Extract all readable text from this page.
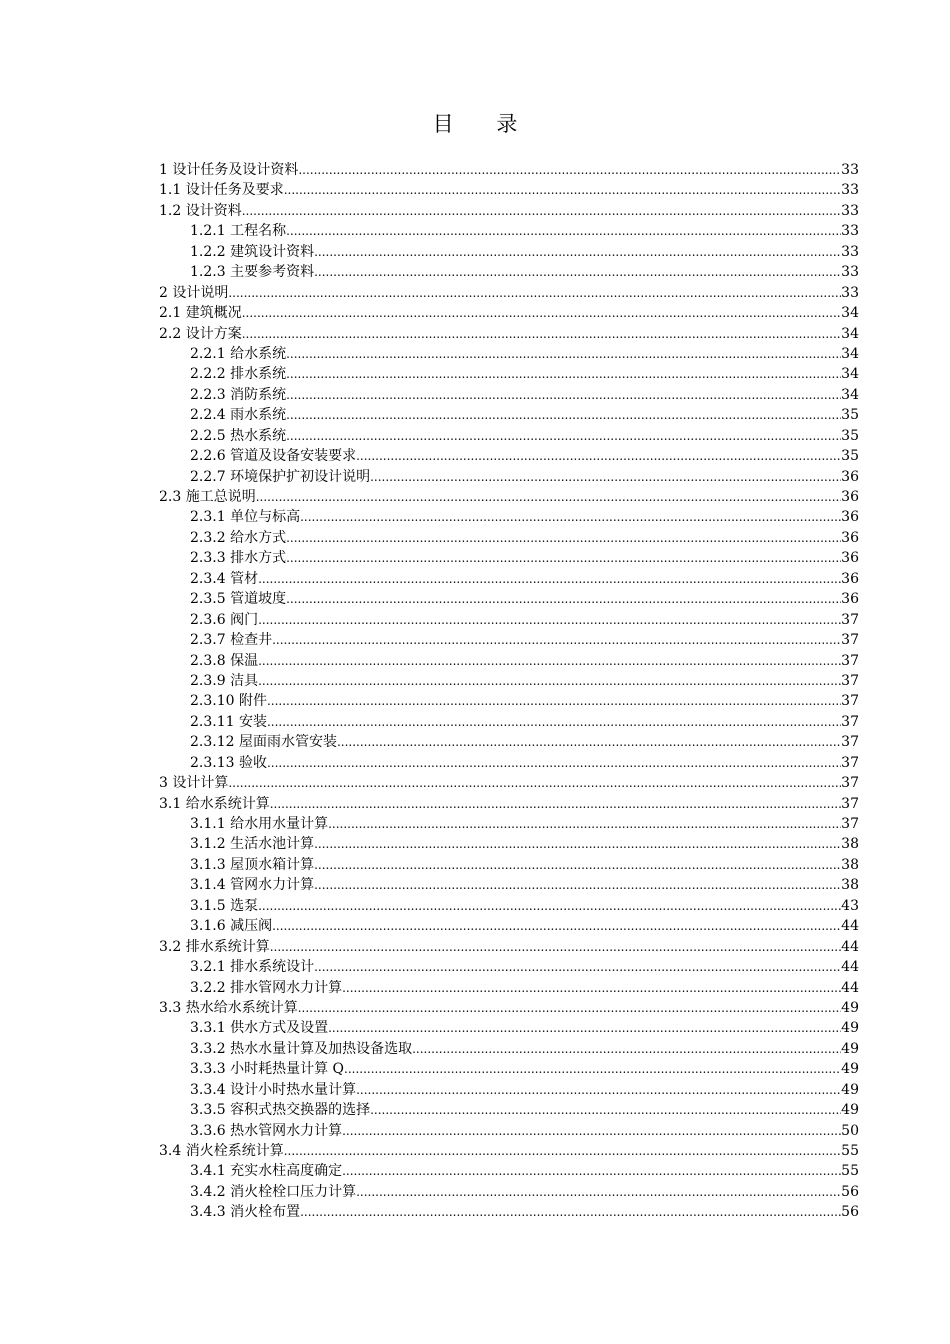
目 录
1 设计任务及设计资料 .....	33
1.1 设计任务及要求 .....	33
1.2 设计资料 .....	33
1.2.1 工程名称 .....	33
1.2.2 建筑设计资料 .....	33
1.2.3 主要参考资料 .....	33
2 设计说明 .....	33
2.1 建筑概况 .....	34
2.2 设计方案 .....	34
2.2.1 给水系统 .....	34
2.2.2 排水系统 .....	34
2.2.3 消防系统 .....	34
2.2.4 雨水系统 .....	35
2.2.5 热水系统 .....	35
2.2.6 管道及设备安装要求 .....	35
2.2.7 环境保护扩初设计说明 .....	36
2.3 施工总说明 .....	36
2.3.1 单位与标高 .....	36
2.3.2 给水方式 .....	36
2.3.3 排水方式 .....	36
2.3.4 管材 .....	36
2.3.5 管道坡度 .....	36
2.3.6 阀门 .....	37
2.3.7 检查井 .....	37
2.3.8 保温 .....	37
2.3.9 洁具 .....	37
2.3.10 附件 .....	37
2.3.11 安装 .....	37
2.3.12 屋面雨水管安装 .....	37
2.3.13 验收 .....	37
3 设计计算 .....	37
3.1 给水系统计算 .....	37
3.1.1 给水用水量计算 .....	37
3.1.2 生活水池计算 .....	38
3.1.3 屋顶水箱计算 .....	38
3.1.4 管网水力计算 .....	38
3.1.5 选泵 .....	43
3.1.6 减压阀 .....	44
3.2 排水系统计算 .....	44
3.2.1 排水系统设计 .....	44
3.2.2 排水管网水力计算 .....	44
3.3 热水给水系统计算 .....	49
3.3.1 供水方式及设置 .....	49
3.3.2 热水水量计算及加热设备选取 .....	49
3.3.3 小时耗热量计算 Q .....	49
3.3.4 设计小时热水量计算 .....	49
3.3.5 容积式热交换器的选择 .....	49
3.3.6 热水管网水力计算 .....	50
3.4 消火栓系统计算 .....	55
3.4.1 充实水柱高度确定 .....	55
3.4.2 消火栓栓口压力计算 .....	56
3.4.3 消火栓布置 .....	56
